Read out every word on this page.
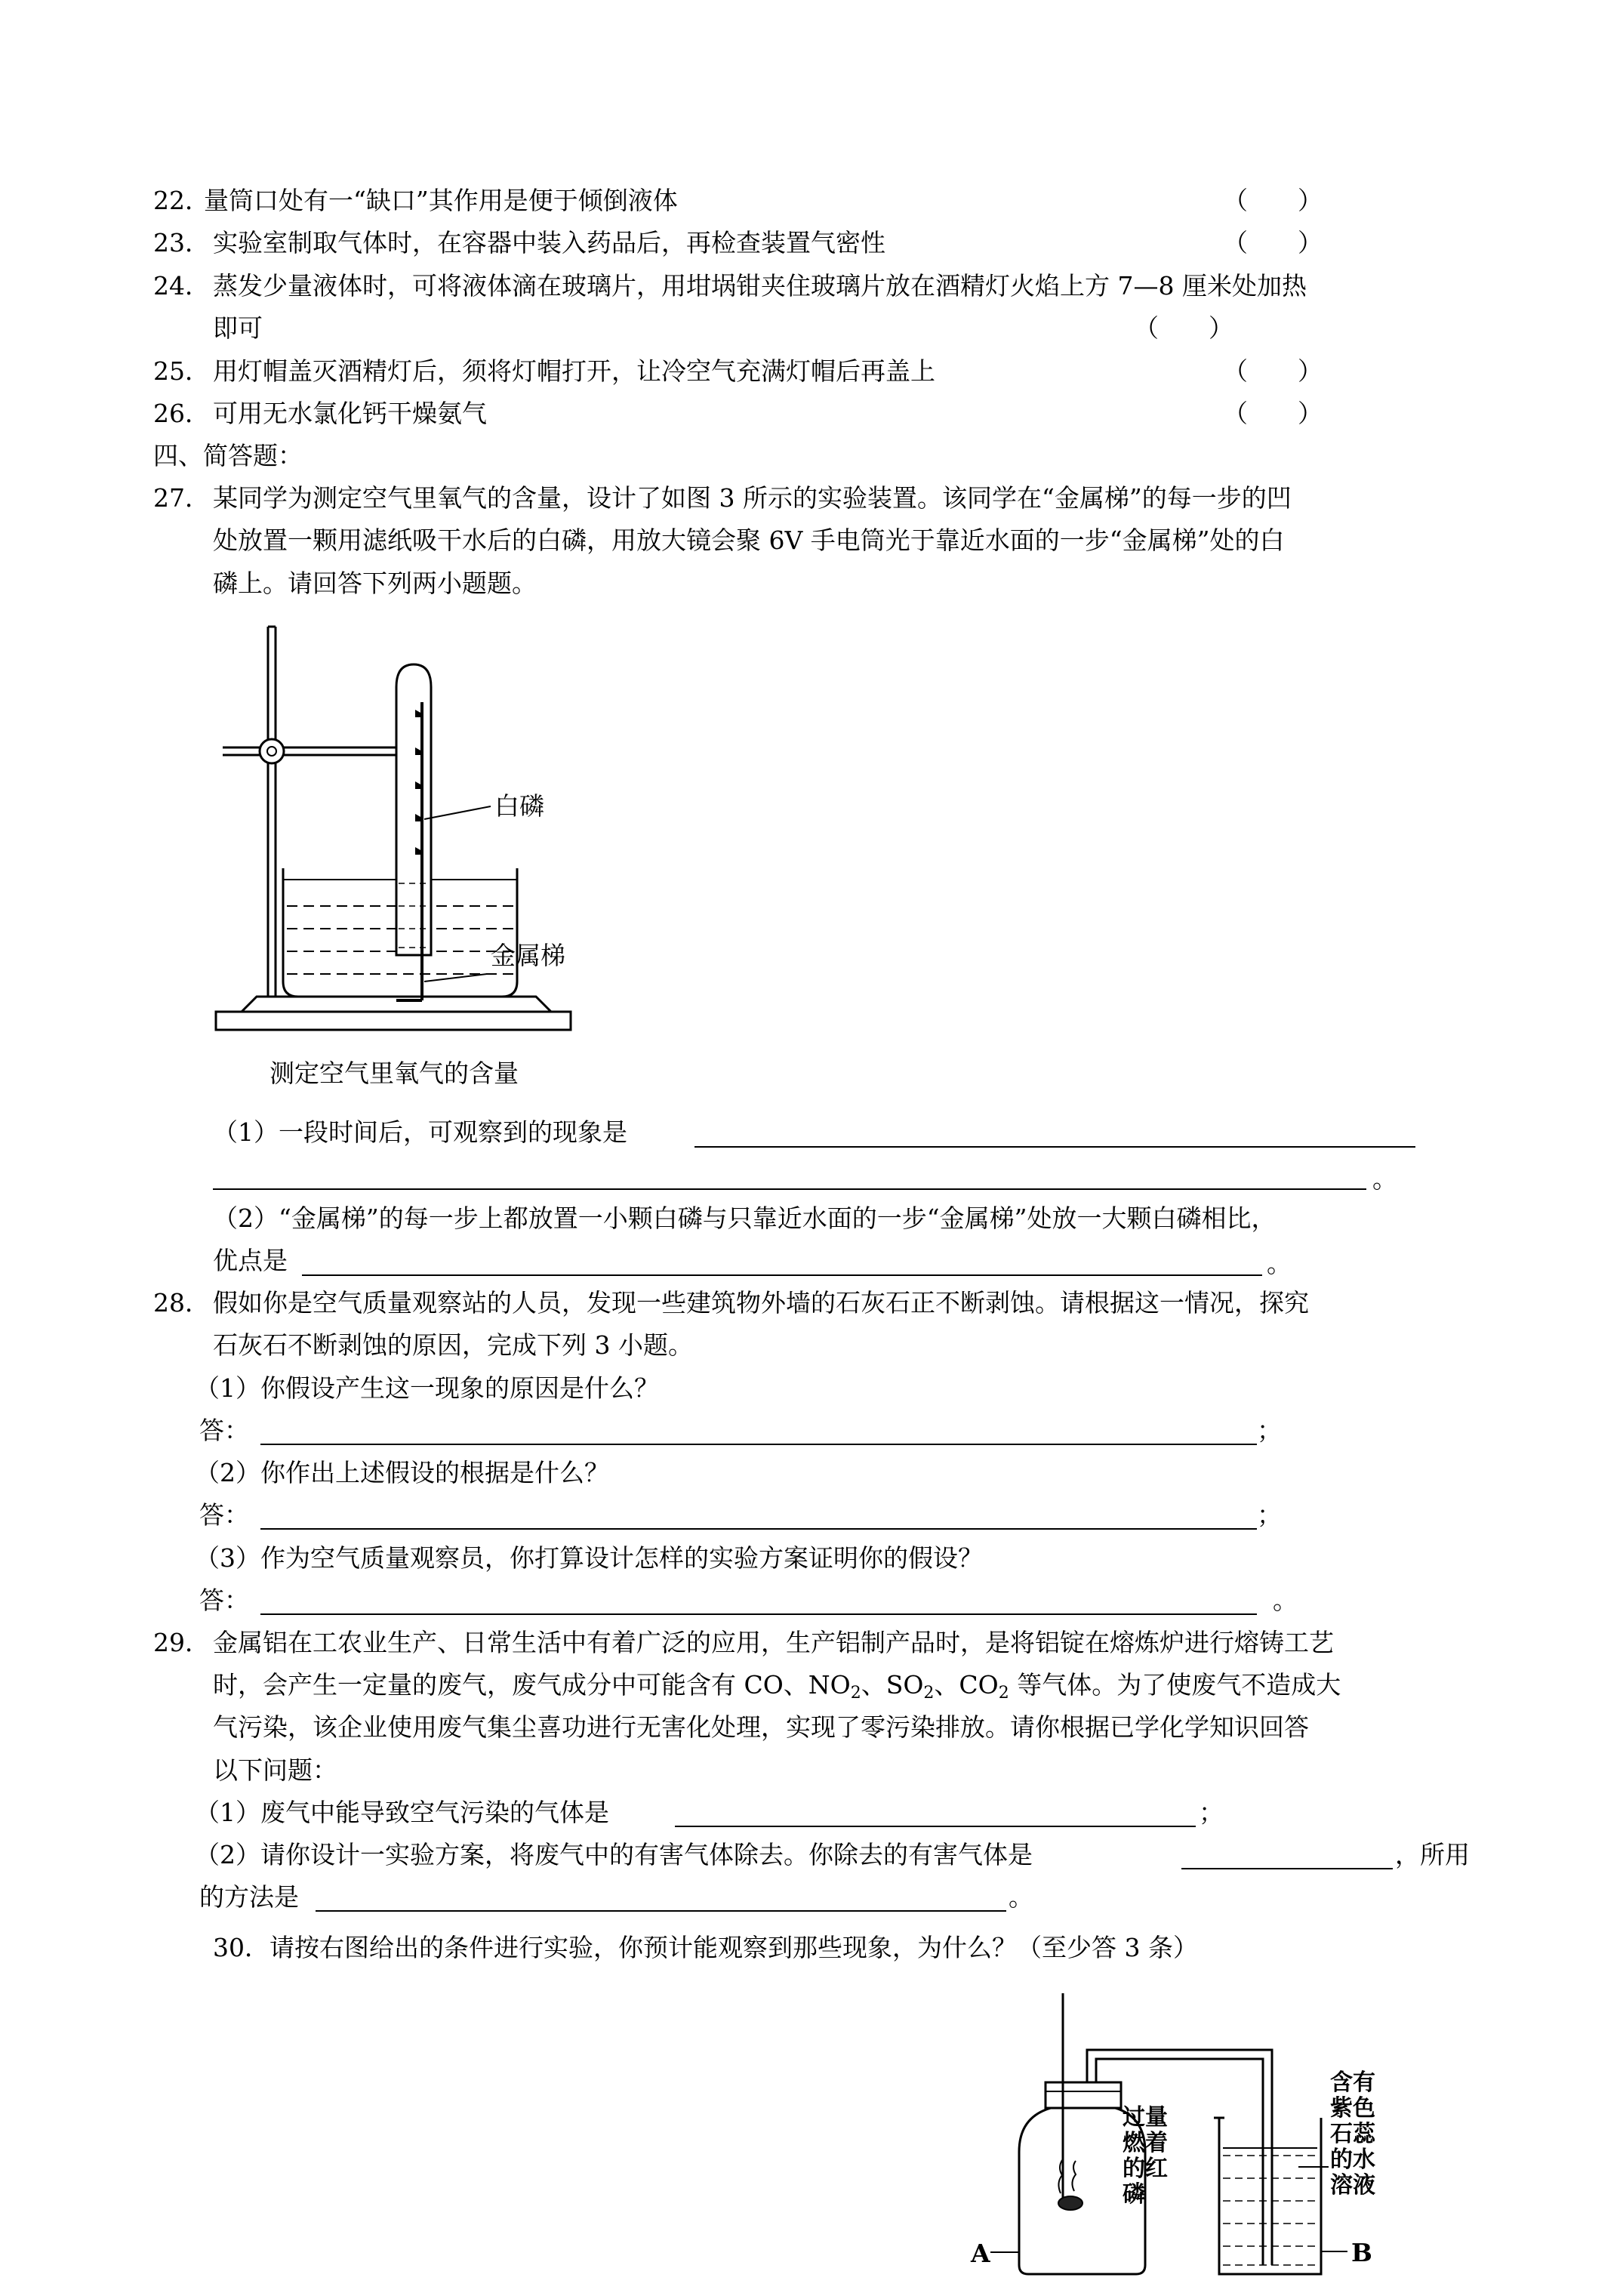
22．
量筒口处有一“缺口”其作用是便于倾倒液体	（　　）
23． 实验室制取气体时，在容器中装入药品后，再检查装置气密性	（　　）
24． 蒸发少量液体时，可将液体滴在玻璃片，用坩埚钳夹住玻璃片放在酒精灯火焰上方 7—8 厘米处加热
即可	（　　）
25． 用灯帽盖灭酒精灯后，须将灯帽打开，让冷空气充满灯帽后再盖上	（　　）
26． 可用无水氯化钙干燥氨气	（　　）
四、简答题：
27． 某同学为测定空气里氧气的含量，设计了如图 3 所示的实验装置。该同学在“金属梯”的每一步的凹
处放置一颗用滤纸吸干水后的白磷，用放大镜会聚 6V 手电筒光于靠近水面的一步“金属梯”处的白
磷上。请回答下列两小题题。
白磷
金属梯
测定空气里氧气的含量
（1）一段时间后，可观察到的现象是
。
（2）“金属梯”的每一步上都放置一小颗白磷与只靠近水面的一步“金属梯”处放一大颗白磷相比，
优点是	。
28． 假如你是空气质量观察站的人员，发现一些建筑物外墙的石灰石正不断剥蚀。请根据这一情况，探究
石灰石不断剥蚀的原因，完成下列 3 小题。
（1）你假设产生这一现象的原因是什么？
答：	；
（2）你作出上述假设的根据是什么？
答：	；
（3）作为空气质量观察员，你打算设计怎样的实验方案证明你的假设？
答：	。
29． 金属铝在工农业生产、日常生活中有着广泛的应用，生产铝制产品时，是将铝锭在熔炼炉进行熔铸工艺
时，会产生一定量的废气，废气成分中可能含有 CO、$NO_2$、$SO_2$、$CO_2$ 等气体。为了使废气不造成大
气污染，该企业使用废气集尘喜功进行无害化处理，实现了零污染排放。请你根据已学化学知识回答
以下问题：
（1）废气中能导致空气污染的气体是	；
（2）请你设计一实验方案，将废气中的有害气体除去。你除去的有害气体是	，所用
的方法是	。
30．请按右图给出的条件进行实验，你预计能观察到那些现象，为什么？（至少答 3 条）
过量
燃着
的红
磷
含有
紫色
石蕊
的水
溶液
A	B
